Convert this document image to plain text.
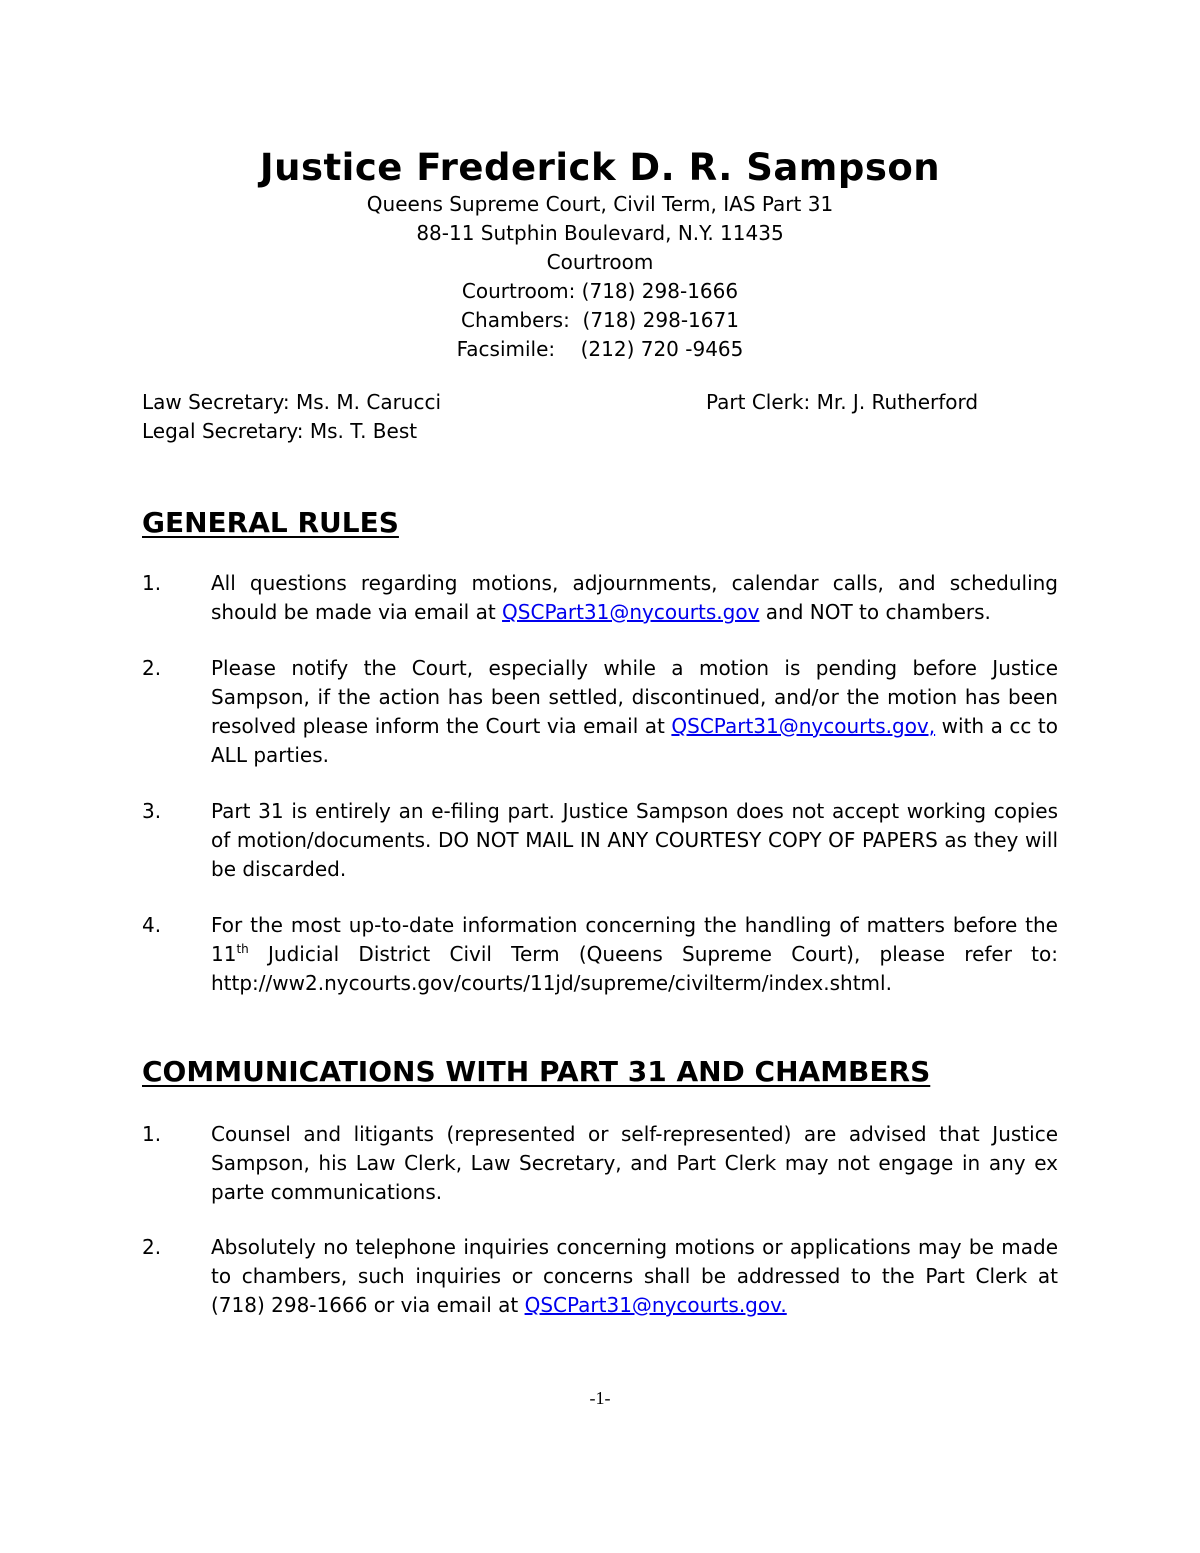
Justice Frederick D. R. Sampson
Queens Supreme Court, Civil Term, IAS Part 31
88-11 Sutphin Boulevard, N.Y. 11435
Courtroom
Courtroom: (718) 298-1666
Chambers:  (718) 298-1671
Facsimile:    (212) 720 -9465
Law Secretary: Ms. M. Carucci
Legal Secretary: Ms. T. Best
Part Clerk: Mr. J. Rutherford
GENERAL RULES
1.	All questions regarding motions, adjournments, calendar calls, and scheduling should be made via email at QSCPart31@nycourts.gov and NOT to chambers.
2.	Please notify the Court, especially while a motion is pending before Justice Sampson, if the action has been settled, discontinued, and/or the motion has been resolved please inform the Court via email at QSCPart31@nycourts.gov, with a cc to ALL parties.
3.	Part 31 is entirely an e-filing part. Justice Sampson does not accept working copies of motion/documents. DO NOT MAIL IN ANY COURTESY COPY OF PAPERS as they will be discarded.
4.	For the most up-to-date information concerning the handling of matters before the 11th Judicial District Civil Term (Queens Supreme Court), please refer to: http://ww2.nycourts.gov/courts/11jd/supreme/civilterm/index.shtml.
COMMUNICATIONS WITH PART 31 AND CHAMBERS
1.	Counsel and litigants (represented or self-represented) are advised that Justice Sampson, his Law Clerk, Law Secretary, and Part Clerk may not engage in any ex parte communications.
2.	Absolutely no telephone inquiries concerning motions or applications may be made to chambers, such inquiries or concerns shall be addressed to the Part Clerk at (718) 298-1666 or via email at QSCPart31@nycourts.gov.
-1-
